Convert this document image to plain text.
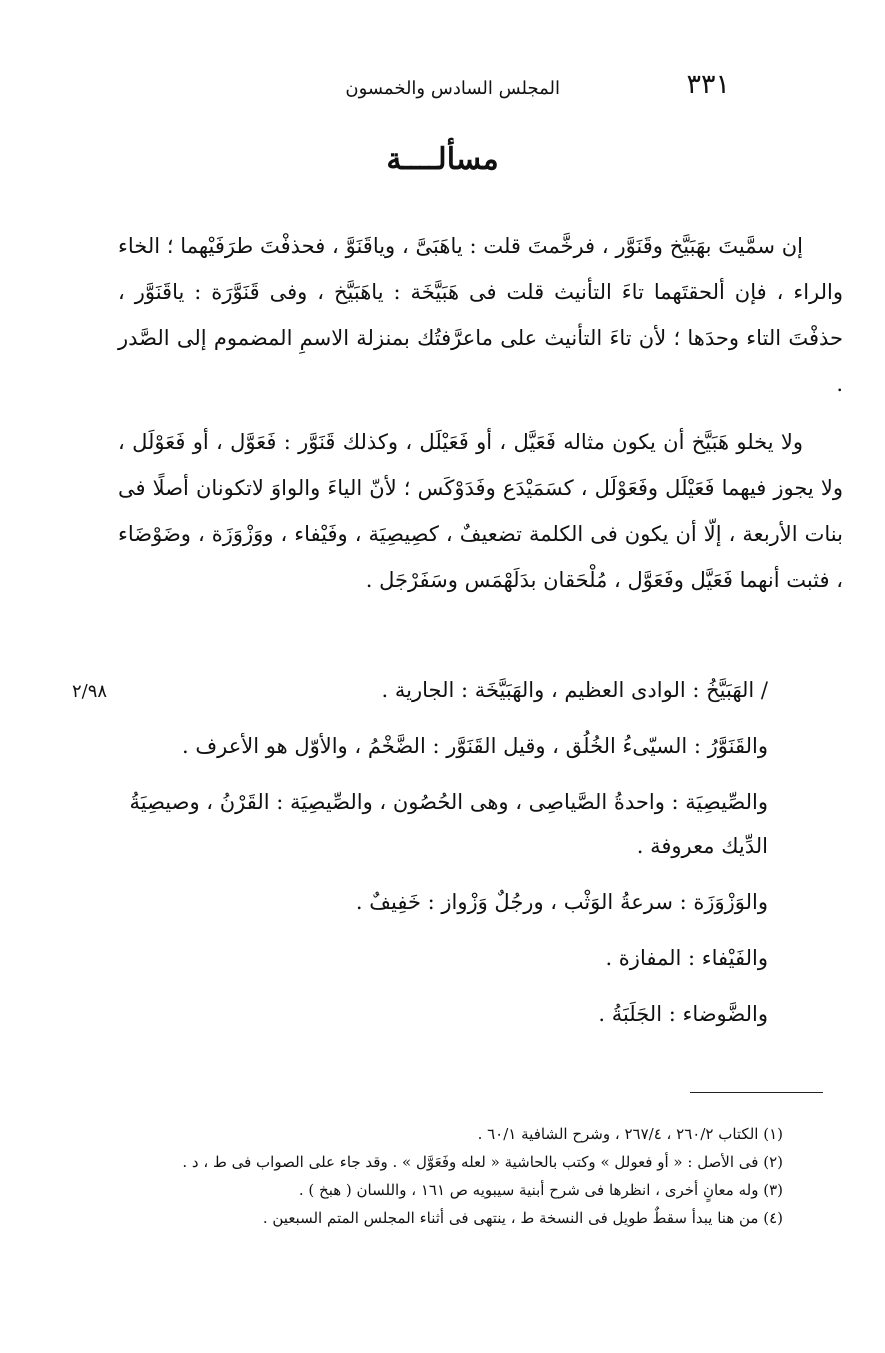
٣٣١
المجلس السادس والخمسون
مسألــــة

إن سمَّيتَ بهَبَيَّخ وقَنَوَّر ، فرخَّمتَ قلت : ياهَبَىَّ ، وياقَنَوَّ ، فحذفْتَ طرَفَيْهما ؛ الخاء والراء ، فإن ألحقتَهما تاءَ التأنيث قلت فى هَبَيَّخَة : ياهَبَيَّخ ، وفى قَنَوَّرَة : ياقَنَوَّر ، حذفْتَ التاء وحدَها ؛ لأن تاءَ التأنيث على ماعرَّفتُك بمنزلة الاسمِ المضموم إلى الصَّدر .

ولا يخلو هَبَيَّخ أن يكون مثاله فَعَيَّل ، أو فَعَيْلَل ، وكذلك قَنَوَّر : فَعَوَّل ، أو فَعَوْلَل ، ولا يجوز فيهما فَعَيْلَل وفَعَوْلَل ، كسَمَيْدَع وفَدَوْكَس ؛ لأنّ الياءَ والواوَ لاتكونان أصلًا فى بنات الأربعة ، إلّا أن يكون فى الكلمة تضعيفٌ ، كصِيصِيَة ، وفَيْفاء ، ووَزْوَزَة ، وضَوْضَاء ، فثبت أنهما فَعَيَّل وفَعَوَّل ، مُلْحَقان بدَلَهْمَس وسَفَرْجَل .

٢/٩٨	/ الهَبَيَّخُ : الوادى العظيم ، والهَبَيَّخَة : الجارية .

والقَنَوَّرُ : السيّىءُ الخُلُق ، وقيل القَنَوَّر : الضَّخْمُ ، والأوّل هو الأعرف .

والصِّيصِيَة : واحدةُ الصَّياصِى ، وهى الحُصُون ، والصِّيصِيَة : القَرْنُ ، وصيصِيَةُ الدِّيك معروفة .

والوَزْوَزَة : سرعةُ الوَثْب ، ورجُلٌ وَزْواز : خَفِيفٌ .

والفَيْفاء : المفازة .

والضَّوضاء : الجَلَبَةُ .

(١) الكتاب ٢٦٠/٢ ، ٢٦٧/٤ ، وشرح الشافية ٦٠/١ .

(٢) فى الأصل : « أو فعولل » وكتب بالحاشية « لعله وفَعَوَّل » . وقد جاء على الصواب فى ط ، د .

(٣) وله معانٍ أخرى ، انظرها فى شرح أبنية سيبويه ص ١٦١ ، واللسان ( هبخ ) .

(٤) من هنا يبدأ سقطٌ طويل فى النسخة ط ، ينتهى فى أثناء المجلس المتم السبعين .
